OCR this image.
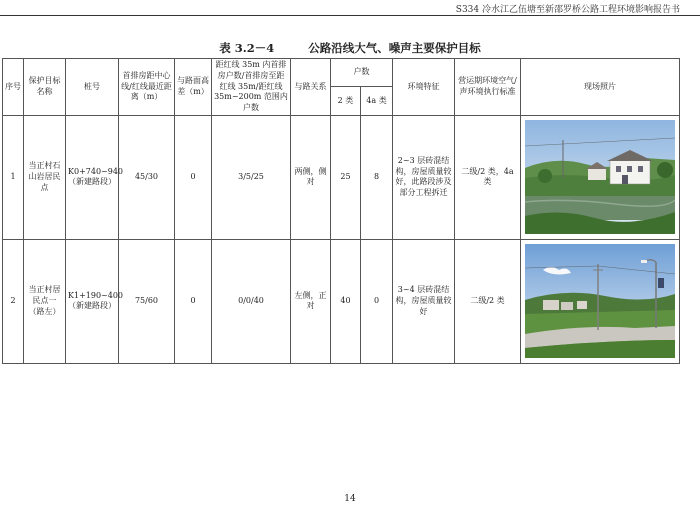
S334 冷水江乙伍塘至新邵罗桥公路工程环境影响报告书
表 3.2－4	公路沿线大气、噪声主要保护目标
序号	保护目标名称	桩号	首排房距中心线/红线最近距离（m）	与路面高差（m）	距红线 35m 内首排房户数/首排房至距红线 35m/距红线 35m~200m 范围内户数	与路关系	户数		环境特征	营运期环境空气/声环境执行标准	现场照片
							2 类	4a 类			
1	当正村石山岩居民点	K0+740~940（新建路段）	45/30	0	3/5/25	两侧，侧对	25	8	2~3 层砖混结构，房屋质量较好，此路段涉及部分工程拆迁	二级/2 类，4a 类	

2	当正村居民点一（路左）	K1+190~400（新建路段）	75/60	0	0/0/40	左侧，正对	40	0	3~4 层砖混结构，房屋质量较好	二级/2 类	
14
